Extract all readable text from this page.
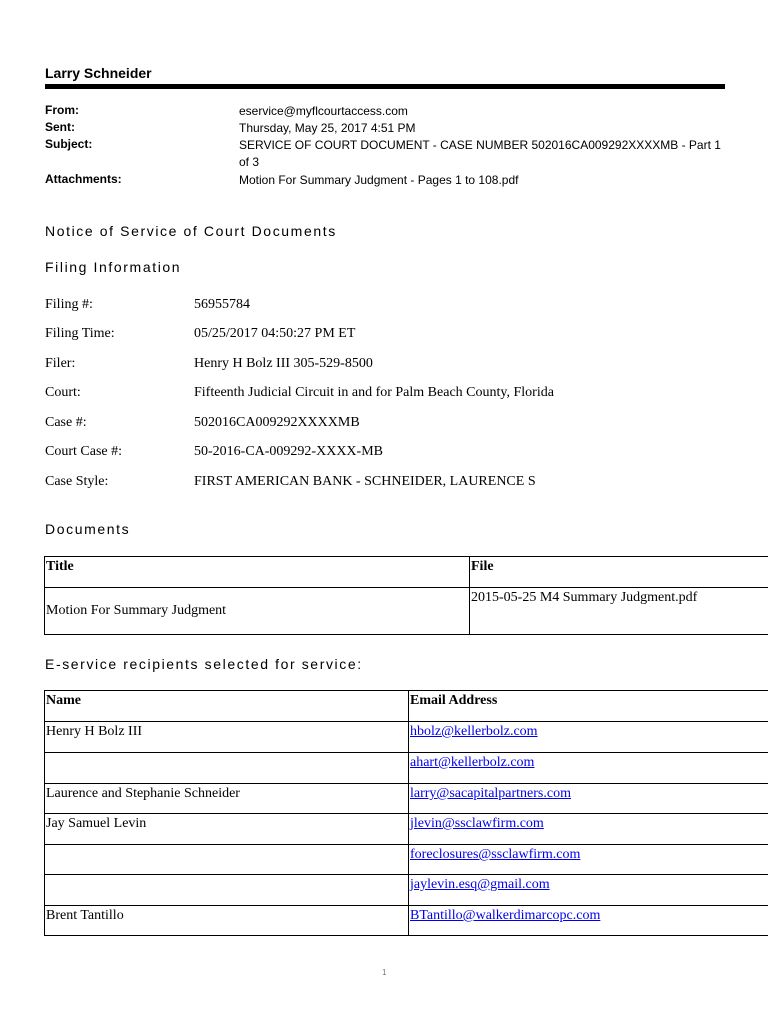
Larry Schneider
From:	eservice@myflcourtaccess.com
Sent:	Thursday, May 25, 2017 4:51 PM
Subject:	SERVICE OF COURT DOCUMENT - CASE NUMBER 502016CA009292XXXXMB - Part 1 of 3
Attachments:	Motion For Summary Judgment - Pages 1 to 108.pdf
Notice of Service of Court Documents
Filing Information
Filing #:	56955784
Filing Time:	05/25/2017 04:50:27 PM ET
Filer:	Henry H Bolz III 305-529-8500
Court:	Fifteenth Judicial Circuit in and for Palm Beach County, Florida
Case #:	502016CA009292XXXXMB
Court Case #:	50-2016-CA-009292-XXXX-MB
Case Style:	FIRST AMERICAN BANK - SCHNEIDER, LAURENCE S
Documents
Title	File
Motion For Summary Judgment	2015-05-25 M4 Summary Judgment.pdf
E-service recipients selected for service:
Name	Email Address
Henry H Bolz III	hbolz@kellerbolz.com
	ahart@kellerbolz.com
Laurence and Stephanie Schneider	larry@sacapitalpartners.com
Jay Samuel Levin	jlevin@ssclawfirm.com
	foreclosures@ssclawfirm.com
	jaylevin.esq@gmail.com
Brent Tantillo	BTantillo@walkerdimarcopc.com
1
